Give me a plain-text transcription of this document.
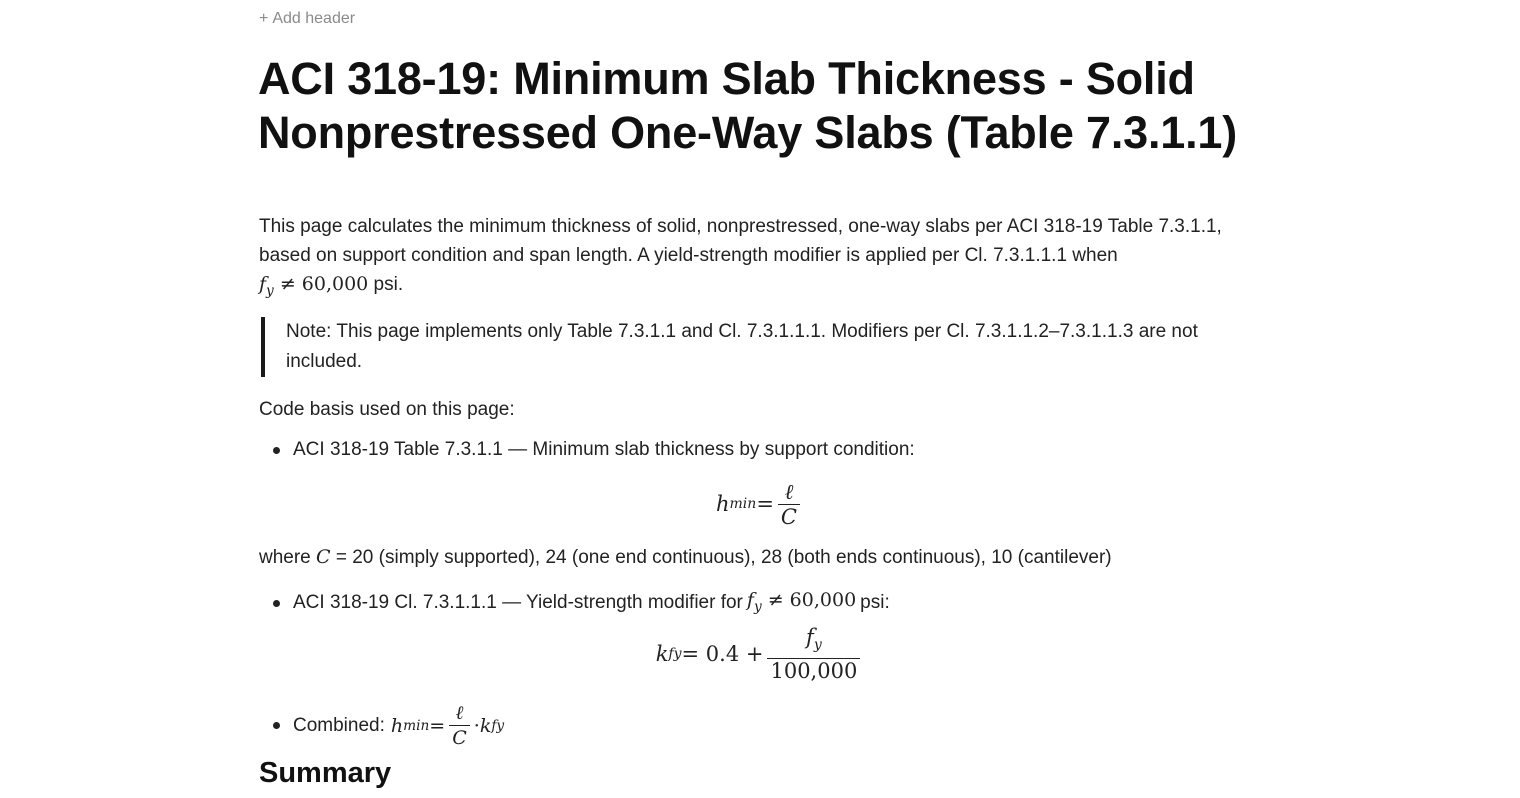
+ Add header
ACI 318-19: Minimum Slab Thickness - Solid Nonprestressed One-Way Slabs (Table 7.3.1.1)

This page calculates the minimum thickness of solid, nonprestressed, one-way slabs per ACI 318-19 Table 7.3.1.1, based on support condition and span length. A yield-strength modifier is applied per Cl. 7.3.1.1.1 when
$f_y \ne 60,000$ psi.

Note: This page implements only Table 7.3.1.1 and Cl. 7.3.1.1.1. Modifiers per Cl. 7.3.1.1.2–7.3.1.1.3 are not included.

Code basis used on this page:

ACI 318-19 Table 7.3.1.1 — Minimum slab thickness by support condition:
h $\min = \frac{\text{ℓ}}{C}$

where C = 20 (simply supported), 24 (one end continuous), 28 (both ends continuous), 10 (cantilever)

ACI 318-19 Cl. 7.3.1.1.1 — Yield-strength modifier for $f_y \ne 60,000$ psi:
k fy = $0.4 + \frac{f_y}{100,000}$
Combined: h $\min = \frac{\text{ℓ}}{C} \cdot k$ fy
Summary
